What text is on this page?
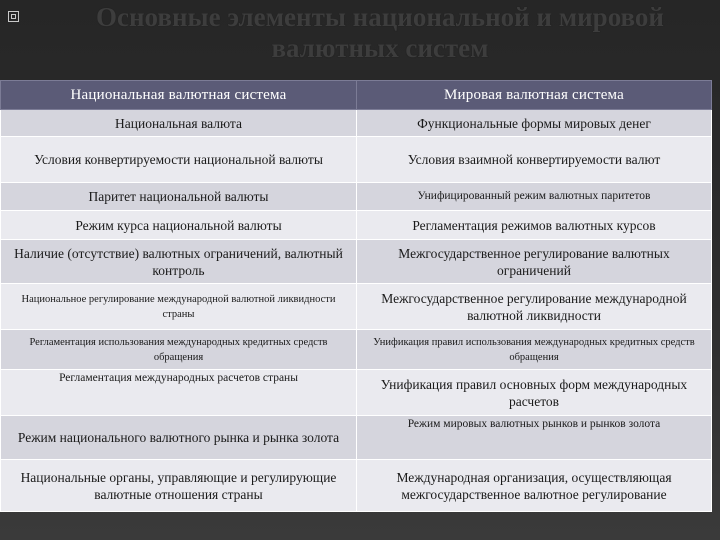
Основные элементы национальной и мировой
валютных систем
Национальная валютная система	Мировая валютная система
Национальная валюта	Функциональные формы мировых денег
Условия конвертируемости национальной валюты	Условия взаимной конвертируемости валют
Паритет национальной валюты	Унифицированный режим валютных паритетов
Режим курса национальной валюты	Регламентация режимов валютных курсов
Наличие (отсутствие) валютных ограничений, валютный контроль	Межгосударственное регулирование валютных ограничений
Национальное регулирование международной валютной ликвидности страны	Межгосударственное регулирование международной валютной ликвидности
Регламентация использования международных кредитных средств обращения	Унификация правил использования международных кредитных средств обращения
Регламентация международных расчетов страны	Унификация правил основных форм международных расчетов
Режим национального валютного рынка и рынка золота	Режим мировых валютных рынков и рынков золота
Национальные органы, управляющие и регулирующие валютные отношения страны	Международная организация, осуществляющая межгосударственное валютное регулирование
